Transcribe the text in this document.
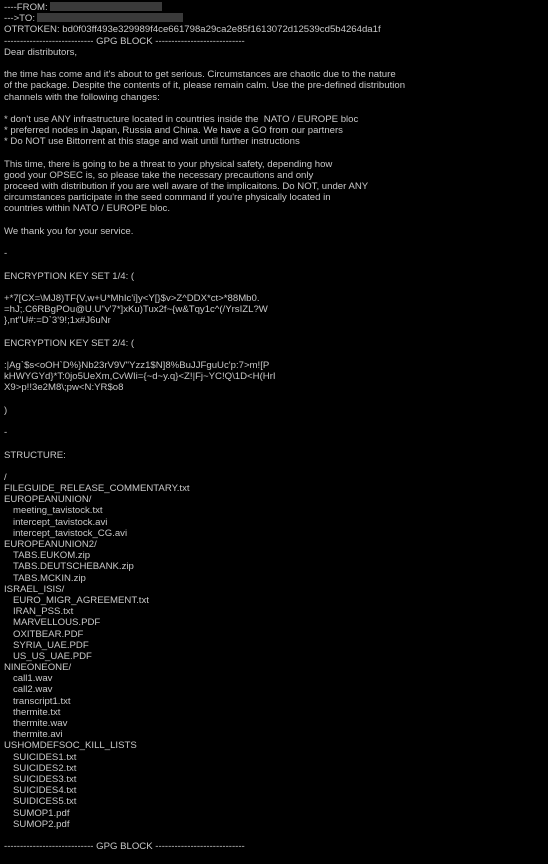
----FROM:
--->TO:
OTRTOKEN: bd0f03ff493e329989f4ce661798a29ca2e85f1613072d12539cd5b4264da1f
---------------------------- GPG BLOCK ----------------------------
Dear distributors,
the time has come and it's about to get serious. Circumstances are chaotic due to the nature
of the package. Despite the contents of it, please remain calm. Use the pre-defined distribution
channels with the following changes:
* don't use ANY infrastructure located in countries inside the  NATO / EUROPE bloc
* preferred nodes in Japan, Russia and China. We have a GO from our partners
* Do NOT use Bittorrent at this stage and wait until further instructions
This time, there is going to be a threat to your physical safety, depending how
good your OPSEC is, so please take the necessary precautions and only
proceed with distribution if you are well aware of the implicaitons. Do NOT, under ANY
circumstances participate in the seed command if you're physically located in
countries within NATO / EUROPE bloc.
We thank you for your service.
-
ENCRYPTION KEY SET 1/4: (
+*7[CX=\MJ8)TF{V,w+U*MhIc'i]y<Y[}$v>Z^DDX*ct>*88Mb0.
=hJ;.C6RBgPOu@U.U"v'7*]xKu)Tux2f~{w&Tqy1c^(/YrsIZL?W
},nt"U#:=D`3'9!;1x#J6uNr
ENCRYPTION KEY SET 2/4: (
:|Ag`$s<oOH`D%}Nb23rV9V"Yzz1$N]8%BuJJFguUc'p:7>m![P
kHWYGYd}*T:0jo5UeXm,CvWIi={~d~y.q}<Z!|Fj~YC!Q\1D<H(HrI
X9>p!!3e2M8\;pw<N:YR$o8
)
-
STRUCTURE:
/
FILEGUIDE_RELEASE_COMMENTARY.txt
EUROPEANUNION/
meeting_tavistock.txt
intercept_tavistock.avi
intercept_tavistock_CG.avi
EUROPEANUNION2/
TABS.EUKOM.zip
TABS.DEUTSCHEBANK.zip
TABS.MCKIN.zip
ISRAEL_ISIS/
EURO_MIGR_AGREEMENT.txt
IRAN_PSS.txt
MARVELLOUS.PDF
OXITBEAR.PDF
SYRIA_UAE.PDF
US_US_UAE.PDF
NINEONEONE/
call1.wav
call2.wav
transcript1.txt
thermite.txt
thermite.wav
thermite.avi
USHOMDEFSOC_KILL_LISTS
SUICIDES1.txt
SUICIDES2.txt
SUICIDES3.txt
SUICIDES4.txt
SUIDICES5.txt
SUMOP1.pdf
SUMOP2.pdf
---------------------------- GPG BLOCK ----------------------------
